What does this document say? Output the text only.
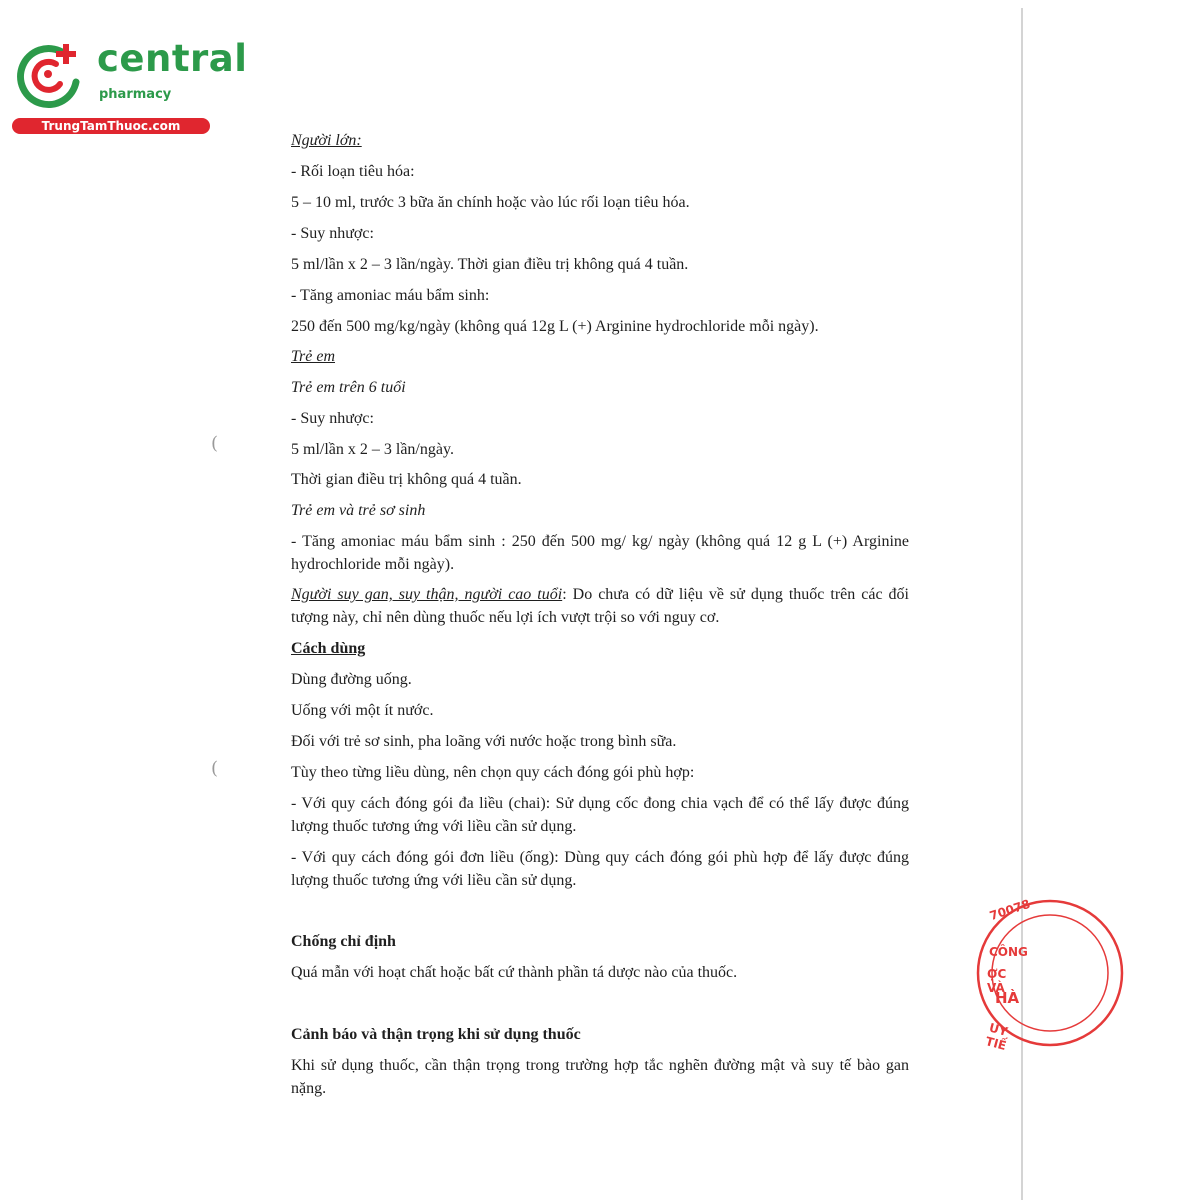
central
pharmacy
TrungTamThuoc.com
(
(
Người lớn:
- Rối loạn tiêu hóa:
5 – 10 ml, trước 3 bữa ăn chính hoặc vào lúc rối loạn tiêu hóa.
- Suy nhược:
5 ml/lần x 2 – 3 lần/ngày. Thời gian điều trị không quá 4 tuần.
- Tăng amoniac máu bẩm sinh:
250 đến 500 mg/kg/ngày (không quá 12g L (+) Arginine hydrochloride mỗi ngày).
Trẻ em
Trẻ em trên 6 tuổi
- Suy nhược:
5 ml/lần x 2 – 3 lần/ngày.
Thời gian điều trị không quá 4 tuần.
Trẻ em và trẻ sơ sinh
- Tăng amoniac máu bẩm sinh : 250 đến 500 mg/ kg/ ngày (không quá 12 g L (+) Arginine hydrochloride mỗi ngày).
Người suy gan, suy thận, người cao tuổi: Do chưa có dữ liệu về sử dụng thuốc trên các đối tượng này, chỉ nên dùng thuốc nếu lợi ích vượt trội so với nguy cơ.
Cách dùng
Dùng đường uống.
Uống với một ít nước.
Đối với trẻ sơ sinh, pha loãng với nước hoặc trong bình sữa.
Tùy theo từng liều dùng, nên chọn quy cách đóng gói phù hợp:
- Với quy cách đóng gói đa liều (chai): Sử dụng cốc đong chia vạch để có thể lấy được đúng lượng thuốc tương ứng với liều cần sử dụng.
- Với quy cách đóng gói đơn liều (ống): Dùng quy cách đóng gói phù hợp để lấy được đúng lượng thuốc tương ứng với liều cần sử dụng.
Chống chỉ định
Quá mẫn với hoạt chất hoặc bất cứ thành phần tá dược nào của thuốc.
Cảnh báo và thận trọng khi sử dụng thuốc
Khi sử dụng thuốc, cần thận trọng trong trường hợp tắc nghẽn đường mật và suy tế bào gan nặng.
70078
CÔNG
ỢC VÀ
HÀ
UY TIẾ
